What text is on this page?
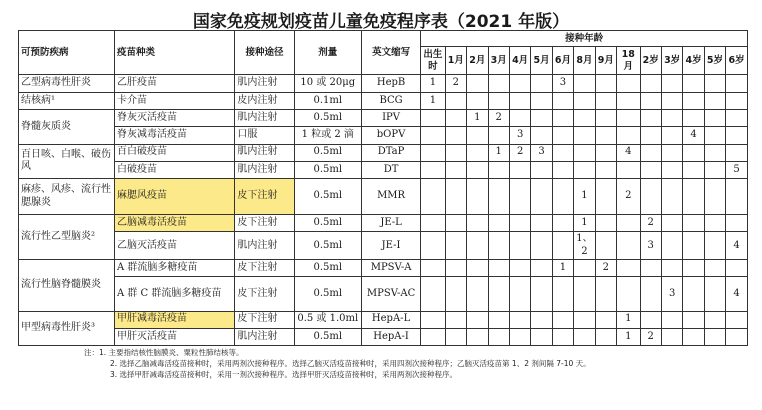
国家免疫规划疫苗儿童免疫程序表（2021 年版）
可预防疾病	疫苗种类	接种途径	剂量	英文缩写	接种年龄														
					出生时	1月	2月	3月	4月	5月	6月	8月	9月	18月	2岁	3岁	4岁	5岁	6岁
乙型病毒性肝炎	乙肝疫苗	肌内注射	10 或 20μg	HepB	1	2					3								
结核病¹	卡介苗	皮内注射	0.1ml	BCG	1														
脊髓灰质炎	脊灰灭活疫苗	肌内注射	0.5ml	IPV			1	2											
	脊灰减毒活疫苗	口服	1 粒或 2 滴	bOPV					3								4		
百日咳、白喉、破伤风	百白破疫苗	肌内注射	0.5ml	DTaP				1	2	3				4					
	白破疫苗	肌内注射	0.5ml	DT															5
麻疹、风疹、流行性腮腺炎	麻腮风疫苗	皮下注射	0.5ml	MMR								1		2					
流行性乙型脑炎²	乙脑减毒活疫苗	皮下注射	0.5ml	JE-L								1			2				
	乙脑灭活疫苗	肌内注射	0.5ml	JE-I								1、2			3				4
流行性脑脊髓膜炎	A 群流脑多糖疫苗	皮下注射	0.5ml	MPSV-A							1		2						
	A 群 C 群流脑多糖疫苗	皮下注射	0.5ml	MPSV-AC												3			4
甲型病毒性肝炎³	甲肝减毒活疫苗	皮下注射	0.5 或 1.0ml	HepA-L										1					
	甲肝灭活疫苗	肌内注射	0.5ml	HepA-I										1	2				
注：1. 主要指结核性脑膜炎、粟粒性肺结核等。
2. 选择乙脑减毒活疫苗接种时，采用两剂次接种程序。选择乙脑灭活疫苗接种时，采用四剂次接种程序；乙脑灭活疫苗第 1、2 剂间隔 7-10 天。
3. 选择甲肝减毒活疫苗接种时，采用一剂次接种程序。选择甲肝灭活疫苗接种时，采用两剂次接种程序。
